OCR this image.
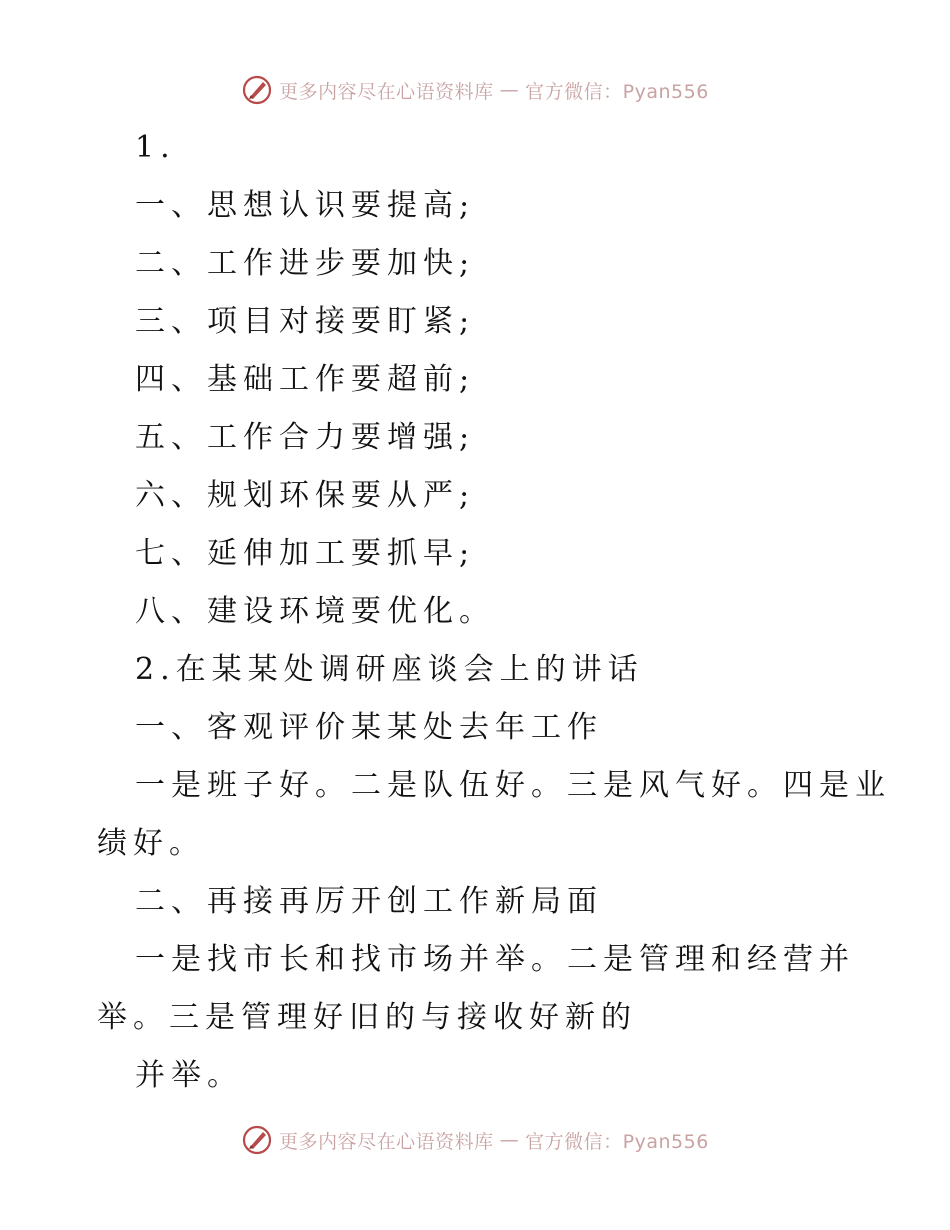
更多内容尽在心语资料库 — 官方微信：Pyan556
1.
一、思想认识要提高;
二、工作进步要加快;
三、项目对接要盯紧;
四、基础工作要超前;
五、工作合力要增强;
六、规划环保要从严;
七、延伸加工要抓早;
八、建设环境要优化。
2.在某某处调研座谈会上的讲话
一、客观评价某某处去年工作
一是班子好。二是队伍好。三是风气好。四是业
绩好。
二、再接再厉开创工作新局面
一是找市长和找市场并举。二是管理和经营并
举。三是管理好旧的与接收好新的
并举。
更多内容尽在心语资料库 — 官方微信：Pyan556
